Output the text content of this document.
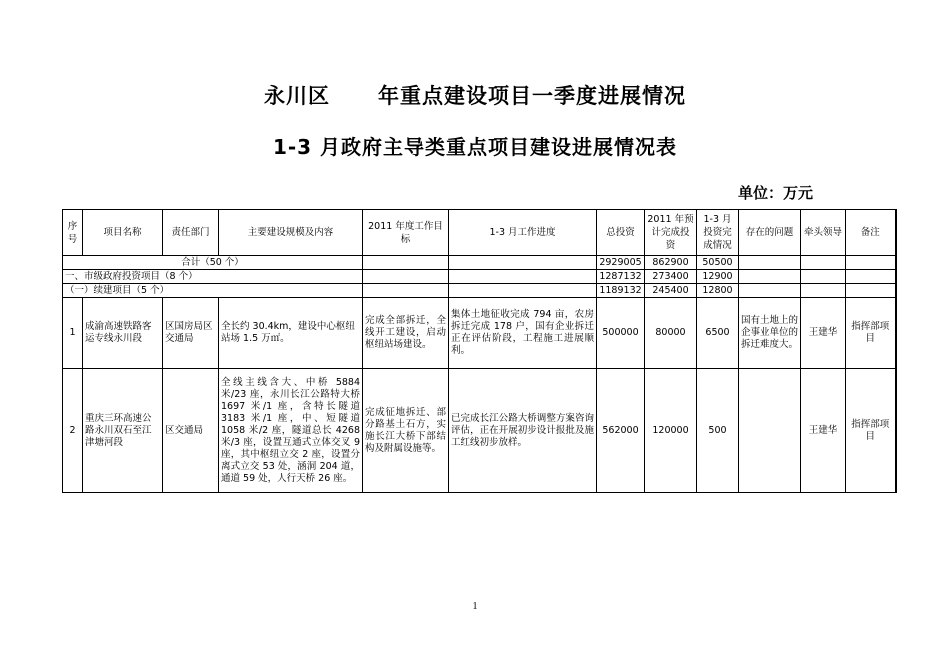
永川区 年重点建设项目一季度进展情况
1-3 月政府主导类重点项目建设进展情况表
单位：万元
序号	项目名称	责任部门	主要建设规模及内容	2011 年度工作目标	1-3 月工作进度	总投资	2011 年预计完成投资	1-3 月投资完成情况	存在的问题	牵头领导	备注
合计（50 个）						2929005	862900	50500			
一、市级政府投资项目（8 个）						1287132	273400	12900			
（一）续建项目（5 个）						1189132	245400	12800			
1	成渝高速铁路客运专线永川段	区国房局区交通局	全长约 30.4km，建设中心枢纽站场 1.5 万㎡。	完成全部拆迁，全线开工建设，启动枢纽站场建设。	集体土地征收完成 794 亩，农房拆迁完成 178 户，国有企业拆迁正在评估阶段，工程施工进展顺利。	500000	80000	6500	国有土地上的企事业单位的拆迁难度大。	王建华	指挥部项目
2	重庆三环高速公路永川双石至江津塘河段	区交通局	全线主线含大、中桥 5884 米/23 座，永川长江公路特大桥 1697 米/1 座，含特长隧道 3183 米/1 座，中、短隧道 1058 米/2 座，隧道总长 4268 米/3 座，设置互通式立体交叉 9 座，其中枢纽立交 2 座，设置分离式立交 53 处，涵洞 204 道，通道 59 处，人行天桥 26 座。	完成征地拆迁、部分路基土石方，实施长江大桥下部结构及附属设施等。	已完成长江公路大桥调整方案咨询评估，正在开展初步设计报批及施工红线初步放样。	562000	120000	500		王建华	指挥部项目
1
